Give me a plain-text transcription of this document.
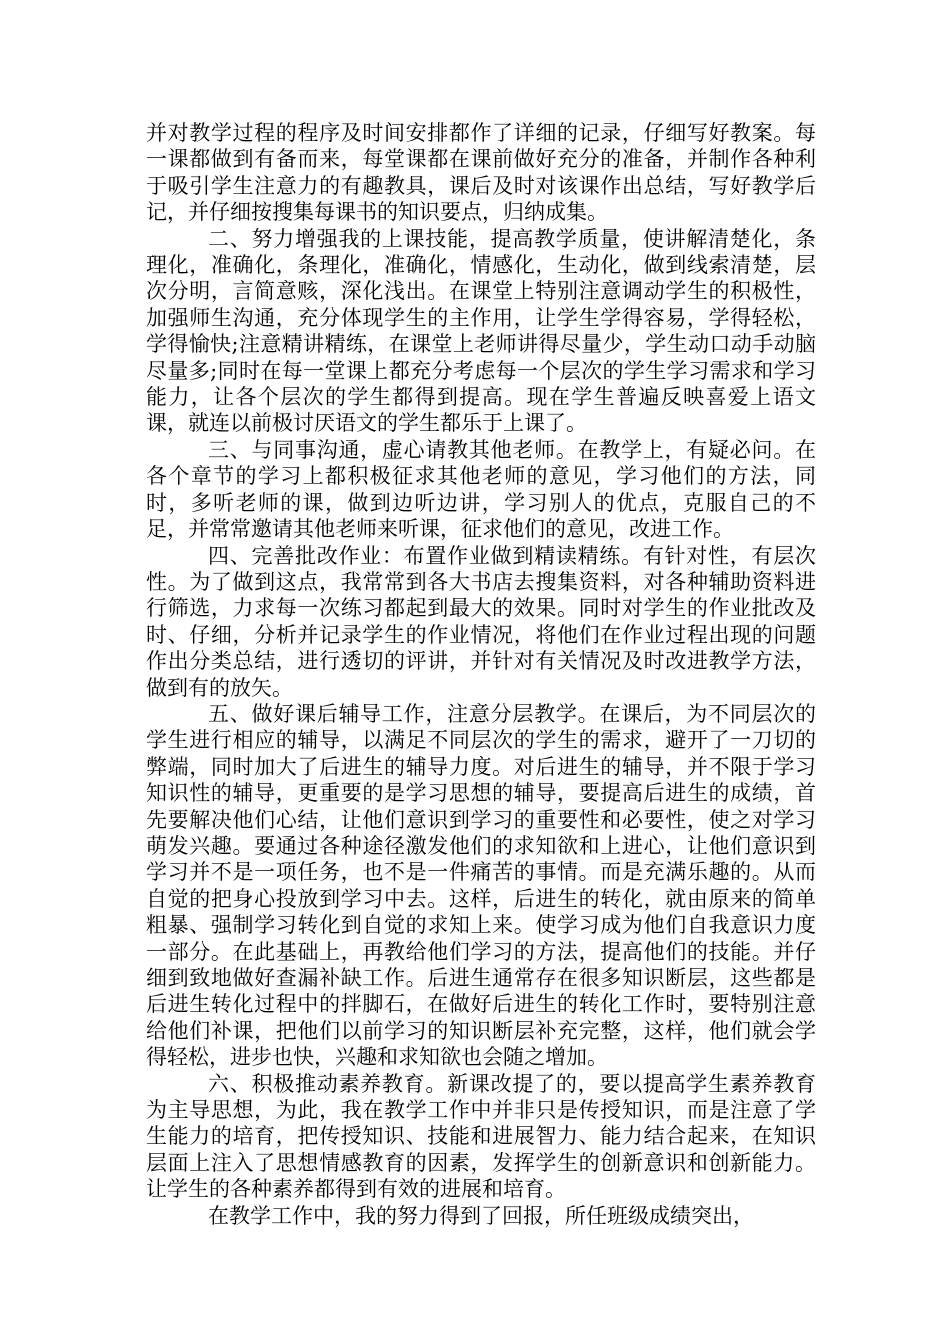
并对教学过程的程序及时间安排都作了详细的记录，仔细写好教案。每一课都做到有备而来，每堂课都在课前做好充分的准备，并制作各种利于吸引学生注意力的有趣教具，课后及时对该课作出总结，写好教学后记，并仔细按搜集每课书的知识要点，归纳成集。

二、努力增强我的上课技能，提高教学质量，使讲解清楚化，条理化，准确化，条理化，准确化，情感化，生动化，做到线索清楚，层次分明，言简意赅，深化浅出。在课堂上特别注意调动学生的积极性，加强师生沟通，充分体现学生的主作用，让学生学得容易，学得轻松，学得愉快;注意精讲精练，在课堂上老师讲得尽量少，学生动口动手动脑尽量多;同时在每一堂课上都充分考虑每一个层次的学生学习需求和学习能力，让各个层次的学生都得到提高。现在学生普遍反映喜爱上语文课，就连以前极讨厌语文的学生都乐于上课了。

三、与同事沟通，虚心请教其他老师。在教学上，有疑必问。在各个章节的学习上都积极征求其他老师的意见，学习他们的方法，同时，多听老师的课，做到边听边讲，学习别人的优点，克服自己的不足，并常常邀请其他老师来听课，征求他们的意见，改进工作。

四、完善批改作业：布置作业做到精读精练。有针对性，有层次性。为了做到这点，我常常到各大书店去搜集资料，对各种辅助资料进行筛选，力求每一次练习都起到最大的效果。同时对学生的作业批改及时、仔细，分析并记录学生的作业情况，将他们在作业过程出现的问题作出分类总结，进行透切的评讲，并针对有关情况及时改进教学方法，做到有的放矢。

五、做好课后辅导工作，注意分层教学。在课后，为不同层次的学生进行相应的辅导，以满足不同层次的学生的需求，避开了一刀切的弊端，同时加大了后进生的辅导力度。对后进生的辅导，并不限于学习知识性的辅导，更重要的是学习思想的辅导，要提高后进生的成绩，首先要解决他们心结，让他们意识到学习的重要性和必要性，使之对学习萌发兴趣。要通过各种途径激发他们的求知欲和上进心，让他们意识到学习并不是一项任务，也不是一件痛苦的事情。而是充满乐趣的。从而自觉的把身心投放到学习中去。这样，后进生的转化，就由原来的简单粗暴、强制学习转化到自觉的求知上来。使学习成为他们自我意识力度一部分。在此基础上，再教给他们学习的方法，提高他们的技能。并仔细到致地做好查漏补缺工作。后进生通常存在很多知识断层，这些都是后进生转化过程中的拌脚石，在做好后进生的转化工作时，要特别注意给他们补课，把他们以前学习的知识断层补充完整，这样，他们就会学得轻松，进步也快，兴趣和求知欲也会随之增加。

六、积极推动素养教育。新课改提了的，要以提高学生素养教育为主导思想，为此，我在教学工作中并非只是传授知识，而是注意了学生能力的培育，把传授知识、技能和进展智力、能力结合起来，在知识层面上注入了思想情感教育的因素，发挥学生的创新意识和创新能力。让学生的各种素养都得到有效的进展和培育。

在教学工作中，我的努力得到了回报，所任班级成绩突出，
